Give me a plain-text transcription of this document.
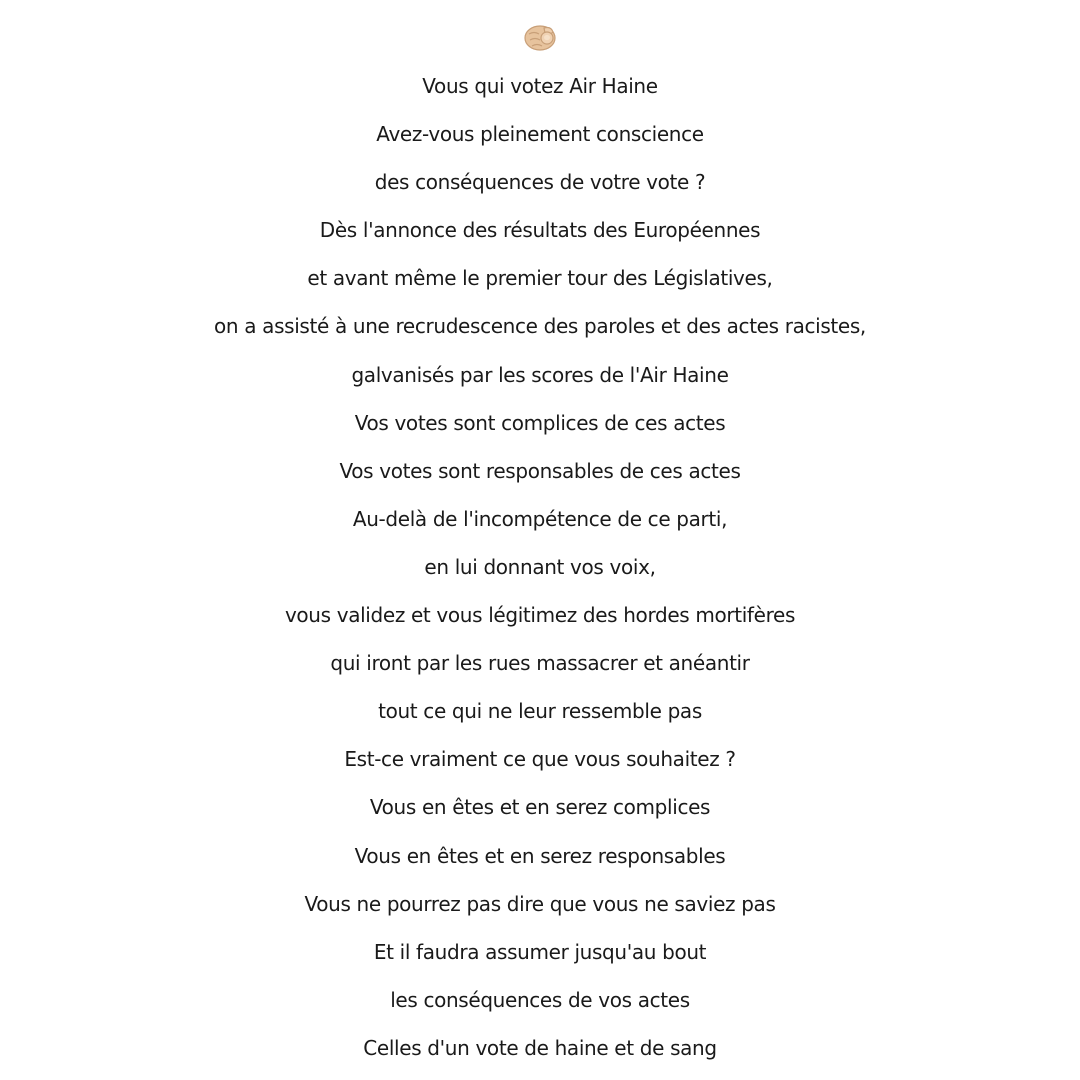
Vous qui votez Air Haine
Avez-vous pleinement conscience
des conséquences de votre vote ?
Dès l'annonce des résultats des Européennes
et avant même le premier tour des Législatives,
on a assisté à une recrudescence des paroles et des actes racistes,
galvanisés par les scores de l'Air Haine
Vos votes sont complices de ces actes
Vos votes sont responsables de ces actes
Au-delà de l'incompétence de ce parti,
en lui donnant vos voix,
vous validez et vous légitimez des hordes mortifères
qui iront par les rues massacrer et anéantir
tout ce qui ne leur ressemble pas
Est-ce vraiment ce que vous souhaitez ?
Vous en êtes et en serez complices
Vous en êtes et en serez responsables
Vous ne pourrez pas dire que vous ne saviez pas
Et il faudra assumer jusqu'au bout
les conséquences de vos actes
Celles d'un vote de haine et de sang
